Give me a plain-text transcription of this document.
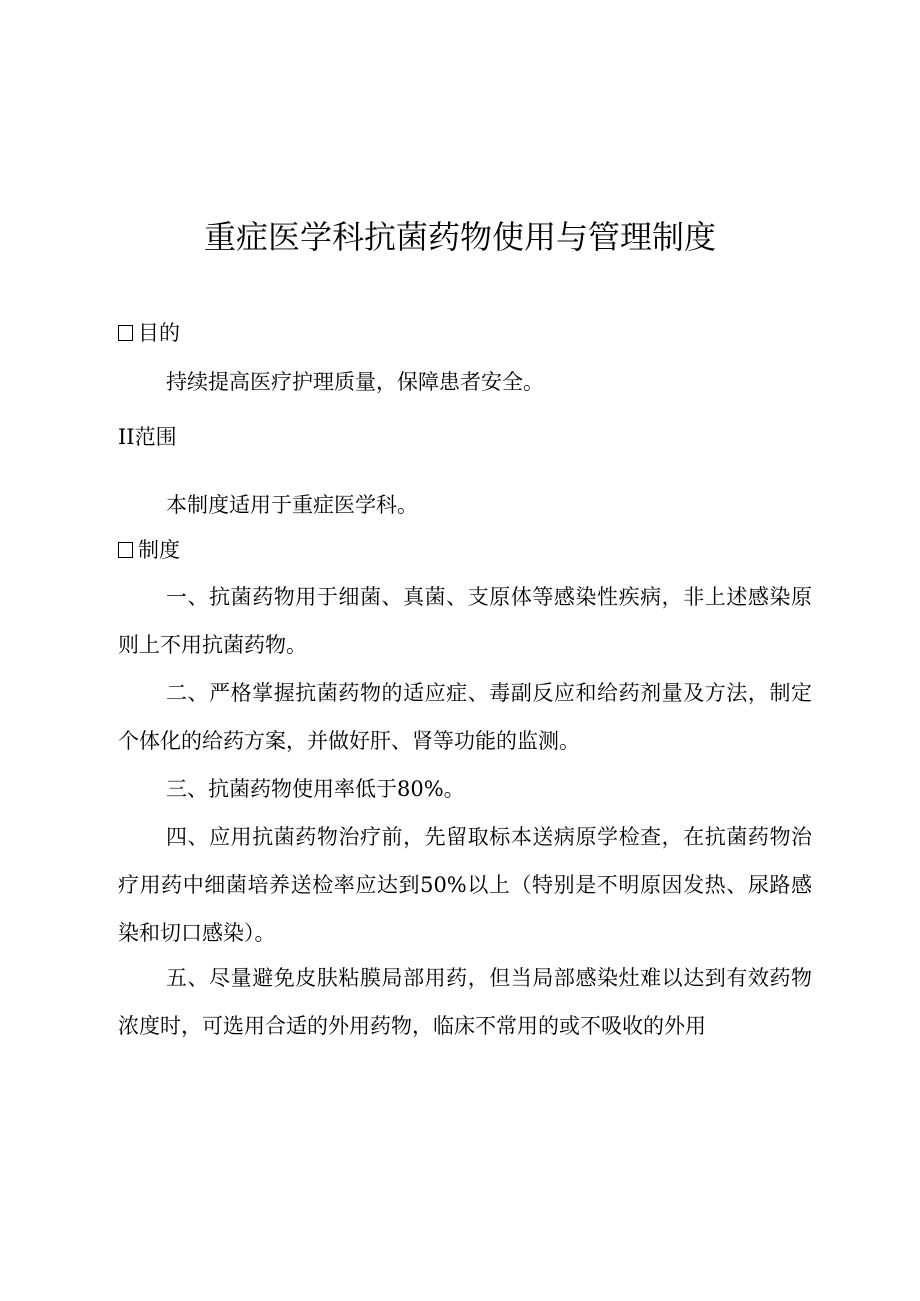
重症医学科抗菌药物使用与管理制度
目的

持续提高医疗护理质量，保障患者安全。

II范围

本制度适用于重症医学科。

制度

一、抗菌药物用于细菌、真菌、支原体等感染性疾病，非上述感染原则上不用抗菌药物。

二、严格掌握抗菌药物的适应症、毒副反应和给药剂量及方法，制定个体化的给药方案，并做好肝、肾等功能的监测。

三、抗菌药物使用率低于80%。

四、应用抗菌药物治疗前，先留取标本送病原学检查，在抗菌药物治疗用药中细菌培养送检率应达到50%以上（特别是不明原因发热、尿路感染和切口感染）。

五、尽量避免皮肤粘膜局部用药，但当局部感染灶难以达到有效药物浓度时，可选用合适的外用药物，临床不常用的或不吸收的外用
